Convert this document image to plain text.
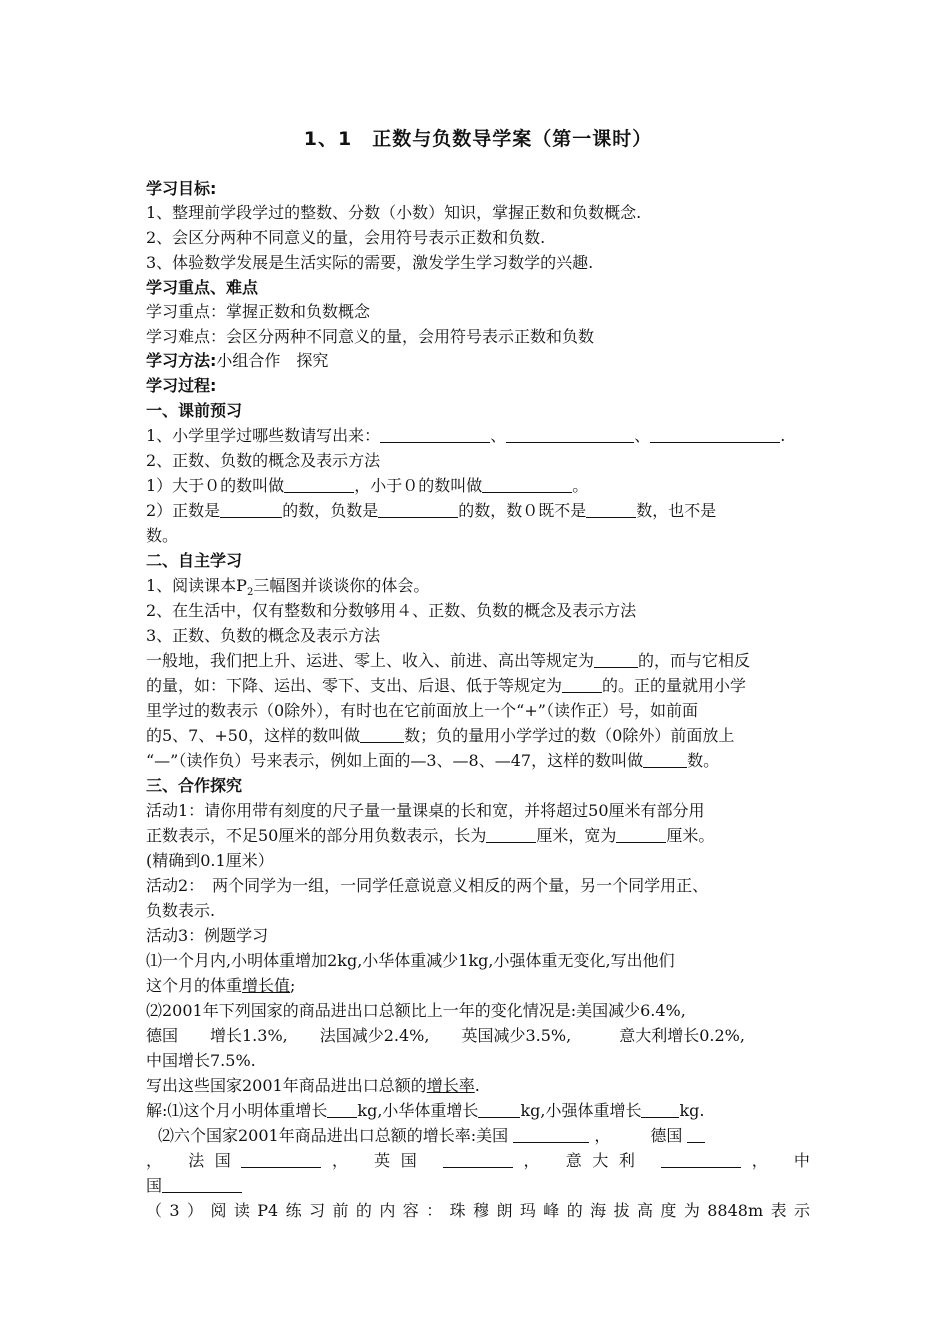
1、1　正数与负数导学案（第一课时）
学习目标:
1、整理前学段学过的整数、分数（小数）知识，掌握正数和负数概念.
2、会区分两种不同意义的量，会用符号表示正数和负数.
3、体验数学发展是生活实际的需要，激发学生学习数学的兴趣.
学习重点、难点
学习重点：掌握正数和负数概念
学习难点：会区分两种不同意义的量，会用符号表示正数和负数
学习方法:小组合作　探究
学习过程:
一、课前预习
1、小学里学过哪些数请写出来：	、	、	.
2、正数、负数的概念及表示方法
1）大于０的数叫做	，小于０的数叫做	。
2）正数是	的数，负数是	的数，数０既不是	数，也不是
数。
二、自主学习
1、阅读课本$P_2$三幅图并谈谈你的体会。
2、在生活中，仅有整数和分数够用４、正数、负数的概念及表示方法
3、正数、负数的概念及表示方法
一般地，我们把上升、运进、零上、收入、前进、高出等规定为	的，而与它相反
的量，如：下降、运出、零下、支出、后退、低于等规定为	的。正的量就用小学
里学过的数表示（0除外），有时也在它前面放上一个“+”（读作正）号，如前面
的5、7、+50，这样的数叫做	数；负的量用小学学过的数（0除外）前面放上
“—”（读作负）号来表示，例如上面的—3、—8、—47，这样的数叫做	数。
三、合作探究
活动1：请你用带有刻度的尺子量一量课桌的长和宽，并将超过50厘米有部分用
正数表示，不足50厘米的部分用负数表示，长为	厘米，宽为	厘米。
(精确到0.1厘米）
活动2：　两个同学为一组，一同学任意说意义相反的两个量，另一个同学用正、
负数表示.
活动3：例题学习
⑴一个月内,小明体重增加2kg,小华体重减少1kg,小强体重无变化,写出他们
这个月的体重增长值;
⑵2001年下列国家的商品进出口总额比上一年的变化情况是:美国减少6.4%,
德国　　增长1.3%,　　法国减少2.4%,　　英国减少3.5%,　　　意大利增长0.2%,
中国增长7.5%.
写出这些国家2001年商品进出口总额的增长率.
解:⑴这个月小明体重增长 kg,小华体重增长	kg,小强体重增长 kg.
⑵六个国家2001年商品进出口总额的增长率:美国	，	德国
， 法国	， 英国	， 意大利	， 中
国
（3）阅读P4练习前的内容：珠穆朗玛峰的海拔高度为8848m表示
